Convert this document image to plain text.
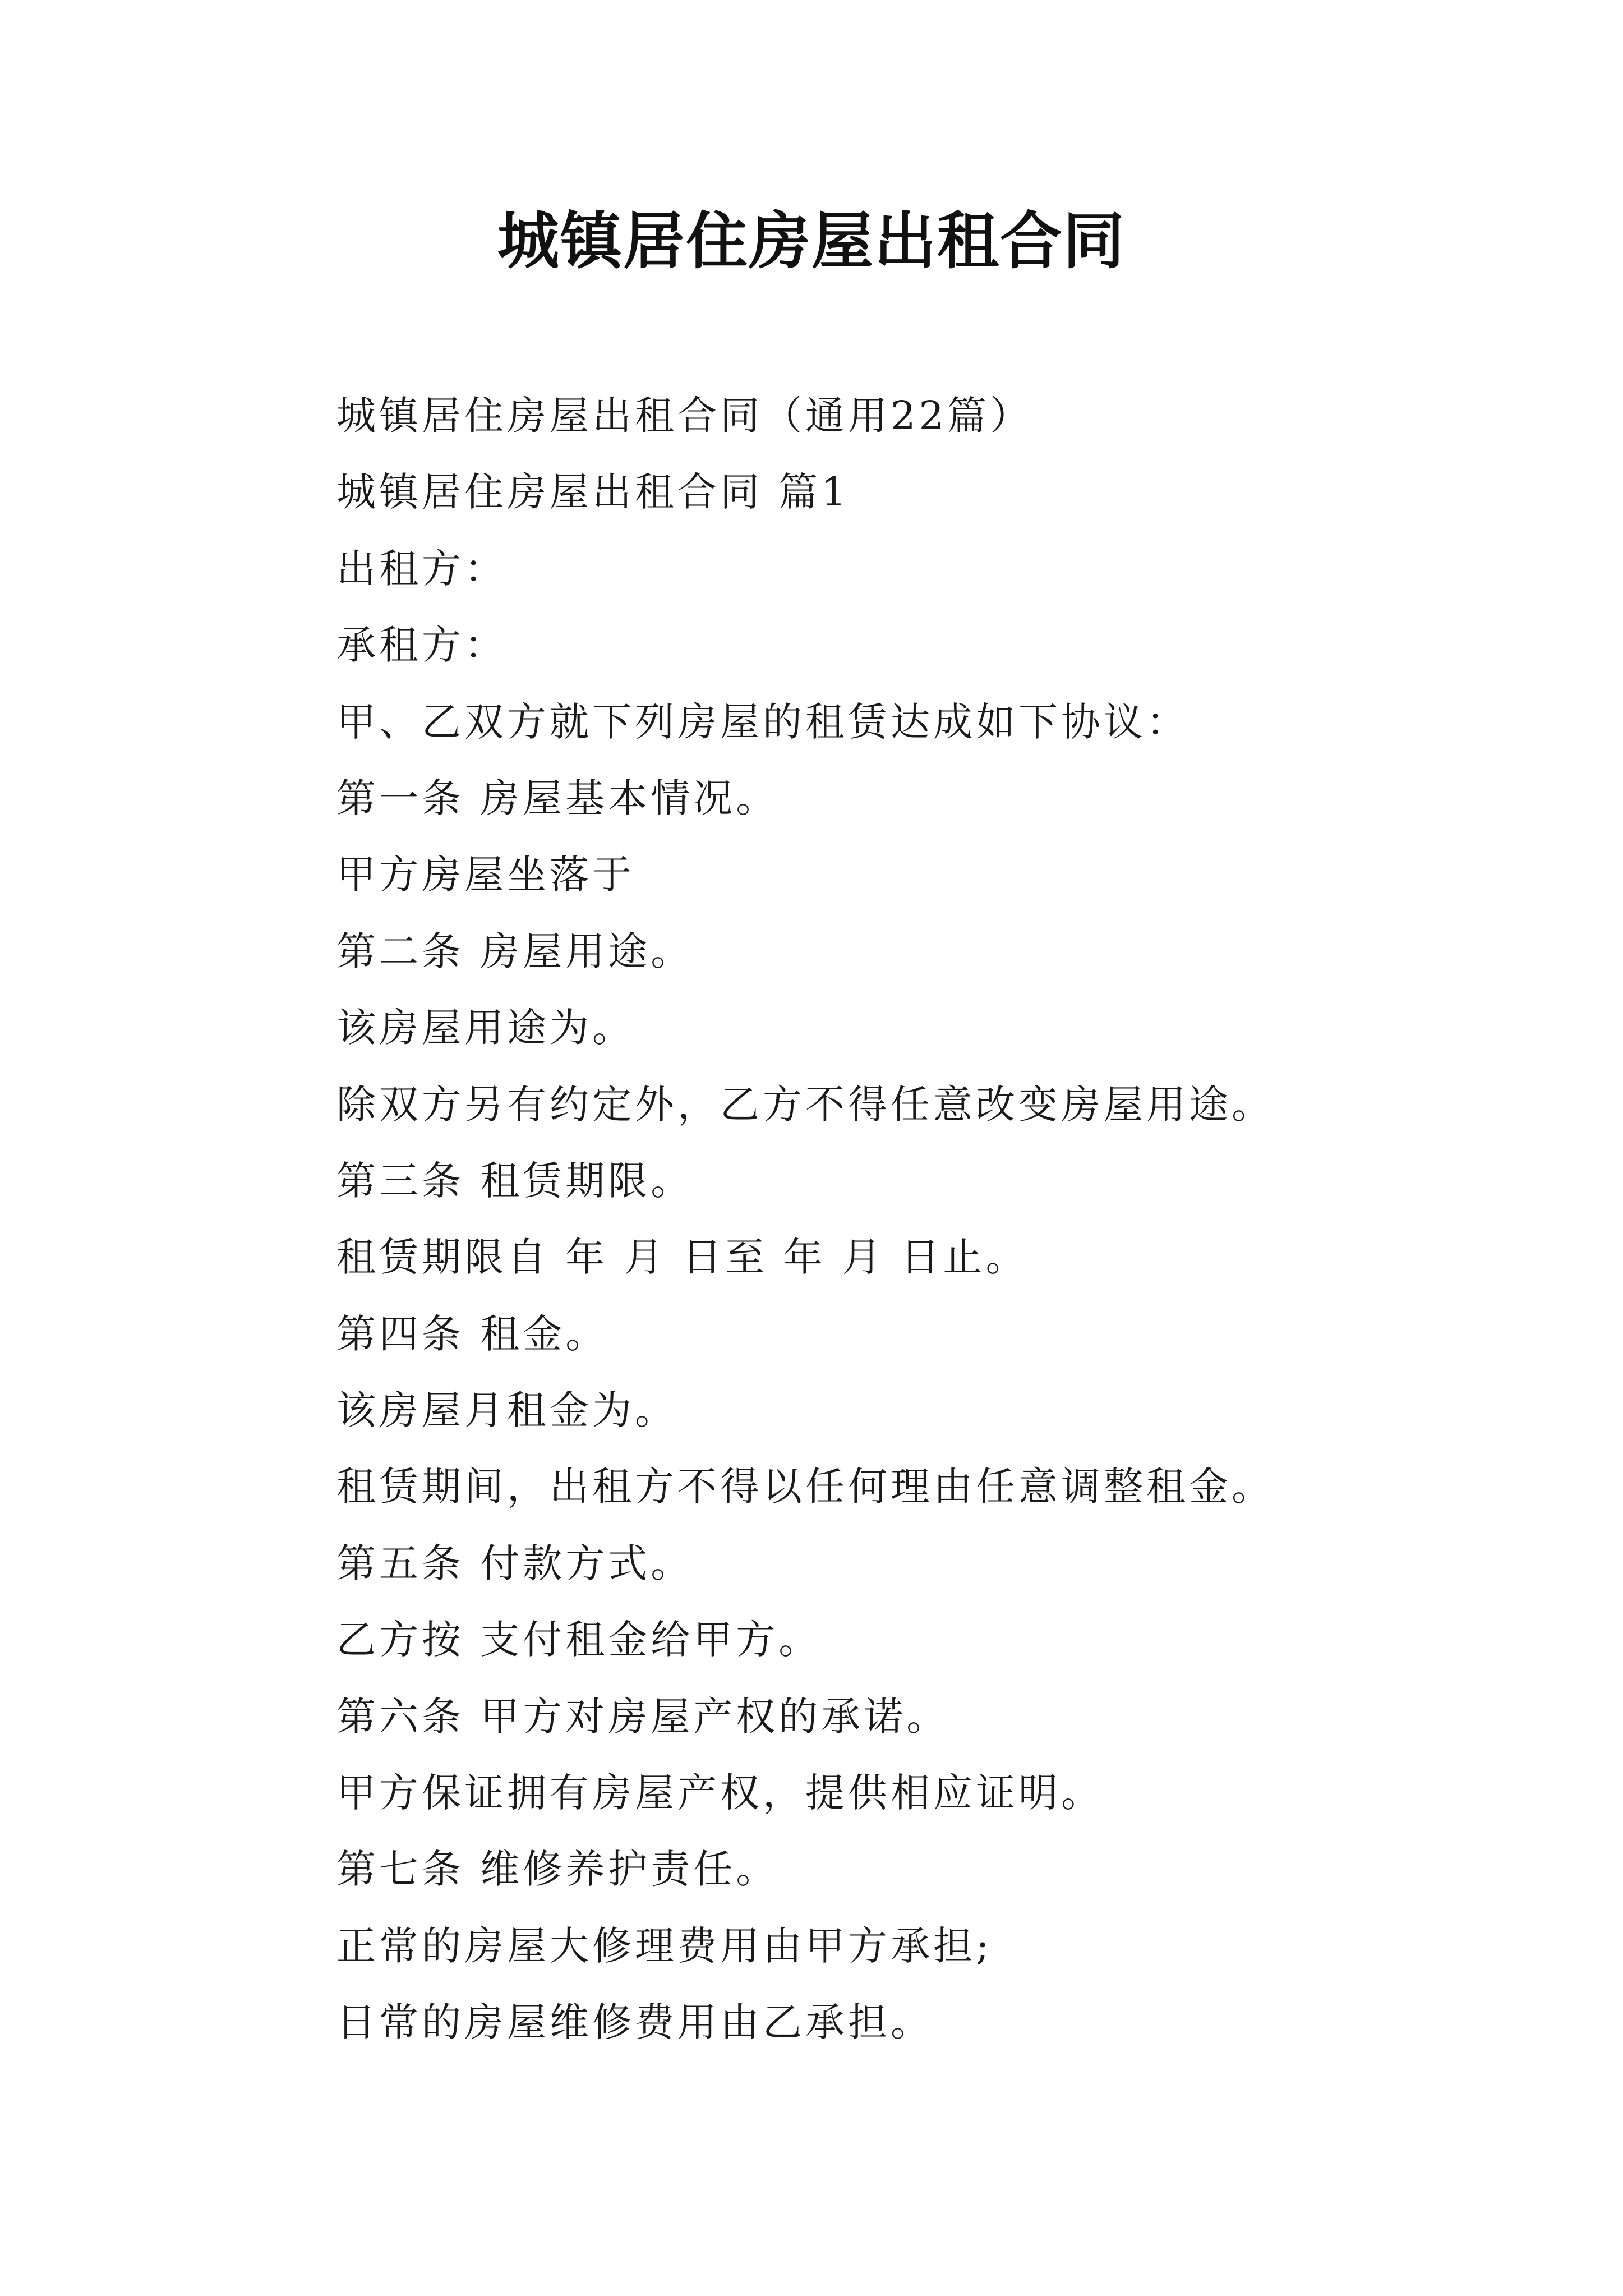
城镇居住房屋出租合同
城镇居住房屋出租合同（通用22篇）
城镇居住房屋出租合同 篇1
出租方：
承租方：
甲、乙双方就下列房屋的租赁达成如下协议：
第一条 房屋基本情况。
甲方房屋坐落于
第二条 房屋用途。
该房屋用途为。
除双方另有约定外，乙方不得任意改变房屋用途。
第三条 租赁期限。
租赁期限自 年 月 日至 年 月 日止。
第四条 租金。
该房屋月租金为。
租赁期间，出租方不得以任何理由任意调整租金。
第五条 付款方式。
乙方按 支付租金给甲方。
第六条 甲方对房屋产权的承诺。
甲方保证拥有房屋产权，提供相应证明。
第七条 维修养护责任。
正常的房屋大修理费用由甲方承担;
日常的房屋维修费用由乙承担。
